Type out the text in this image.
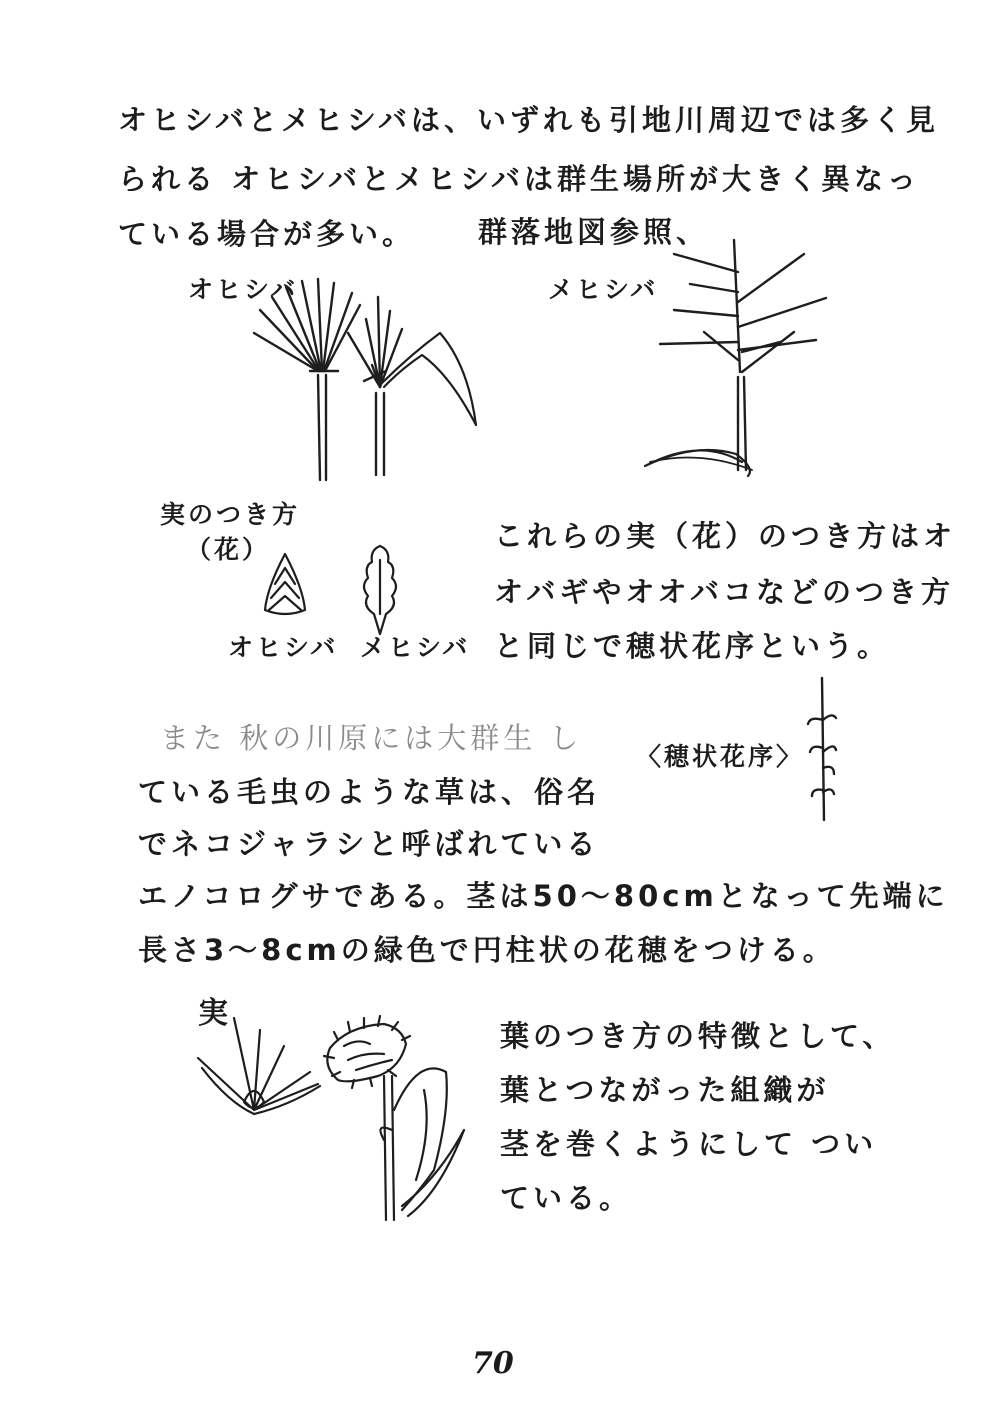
オヒシバとメヒシバは、いずれも引地川周辺では多く見
られる オヒシバとメヒシバは群生場所が大きく異なっ
ている場合が多い。 群落地図参照、
オヒシバ	メヒシバ
実のつき方
（花）
オヒシバ メヒシバ
これらの実（花）のつき方はオ
オバギやオオバコなどのつき方
と同じで穂状花序という。
〈穂状花序〉
また 秋の川原には大群生 し
ている毛虫のような草は、俗名
でネコジャラシと呼ばれている
エノコログサである。茎は50〜80cmとなって先端に
長さ3〜8cmの緑色で円柱状の花穂をつける。
実
葉のつき方の特徴として、
葉とつながった組織が
茎を巻くようにして つい
ている。
70
